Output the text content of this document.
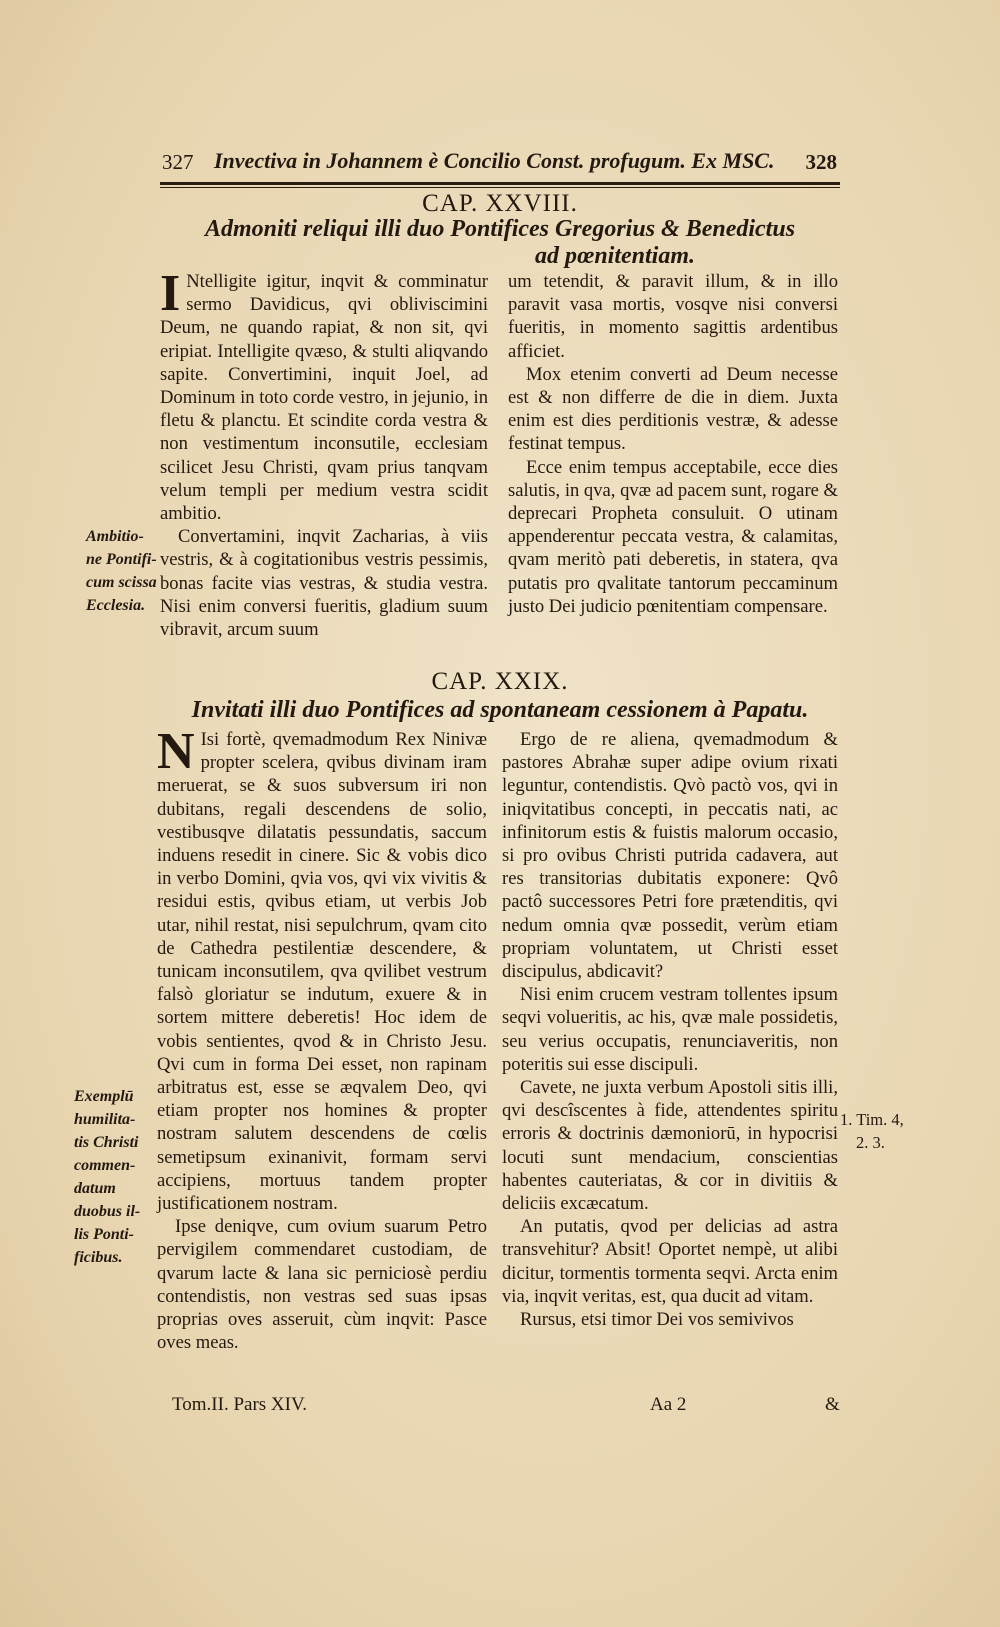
327 Invectiva in Johannem è Concilio Const. profugum. Ex MSC. 328
CAP. XXVIII.
Admoniti reliqui illi duo Pontifices Gregorius & Benedictus
ad pœnitentiam.

I Ntelligite igitur, inqvit & comminatur sermo Davidicus, qvi obliviscimini Deum, ne quando rapiat, & non sit, qvi eripiat. Intelligite qvæso, & stulti aliqvando sapite. Convertimini, inquit Joel, ad Dominum in toto corde vestro, in jejunio, in fletu & planctu. Et scindite corda vestra & non vestimentum inconsutile, ecclesiam scilicet Jesu Christi, qvam prius tanqvam velum templi per medium vestra scidit ambitio.

Convertamini, inqvit Zacharias, à viis vestris, & à cogitationibus vestris pessimis, bonas facite vias vestras, & studia vestra. Nisi enim conversi fueritis, gladium suum vibravit, arcum suum

um tetendit, & paravit illum, & in illo paravit vasa mortis, vosqve nisi conversi fueritis, in momento sagittis ardentibus afficiet.

Mox etenim converti ad Deum necesse est & non differre de die in diem. Juxta enim est dies perditionis vestræ, & adesse festinat tempus.

Ecce enim tempus acceptabile, ecce dies salutis, in qva, qvæ ad pacem sunt, rogare & deprecari Propheta consuluit. O utinam appenderentur peccata vestra, & calamitas, qvam meritò pati deberetis, in statera, qva putatis pro qvalitate tantorum peccaminum justo Dei judicio pœnitentiam compensare.

Ambitio-
ne Pontifi-
cum scissa
Ecclesia.
CAP. XXIX.
Invitati illi duo Pontifices ad spontaneam cessionem à Papatu.

N Isi fortè, qvemadmodum Rex Ninivæ propter scelera, qvibus divinam iram meruerat, se & suos subversum iri non dubitans, regali descendens de solio, vestibusqve dilatatis pessundatis, saccum induens resedit in cinere. Sic & vobis dico in verbo Domini, qvia vos, qvi vix vivitis & residui estis, qvibus etiam, ut verbis Job utar, nihil restat, nisi sepulchrum, qvam cito de Cathedra pestilentiæ descendere, & tunicam inconsutilem, qva qvilibet vestrum falsò gloriatur se indutum, exuere & in sortem mittere deberetis! Hoc idem de vobis sentientes, qvod & in Christo Jesu. Qvi cum in forma Dei esset, non rapinam arbitratus est, esse se æqvalem Deo, qvi etiam propter nos homines & propter nostram salutem descendens de cœlis semetipsum exinanivit, formam servi accipiens, mortuus tandem propter justificationem nostram.

Ipse deniqve, cum ovium suarum Petro pervigilem commendaret custodiam, de qvarum lacte & lana sic perniciosè perdiu contendistis, non vestras sed suas ipsas proprias oves asseruit, cùm inqvit: Pasce oves meas.

Ergo de re aliena, qvemadmodum & pastores Abrahæ super adipe ovium rixati leguntur, contendistis. Qvò pactò vos, qvi in iniqvitatibus concepti, in peccatis nati, ac infinitorum estis & fuistis malorum occasio, si pro ovibus Christi putrida cadavera, aut res transitorias dubitatis exponere: Qvô pactô successores Petri fore prætenditis, qvi nedum omnia qvæ possedit, verùm etiam propriam voluntatem, ut Christi esset discipulus, abdicavit?

Nisi enim crucem vestram tollentes ipsum seqvi volueritis, ac his, qvæ male possidetis, seu verius occupatis, renunciaveritis, non poteritis sui esse discipuli.

Cavete, ne juxta verbum Apostoli sitis illi, qvi descîscentes à fide, attendentes spiritu erroris & doctrinis dæmoniorū, in hypocrisi locuti sunt mendacium, conscientias habentes cauteriatas, & cor in divitiis & deliciis excæcatum.

An putatis, qvod per delicias ad astra transvehitur? Absit! Oportet nempè, ut alibi dicitur, tormentis tormenta seqvi. Arcta enim via, inqvit veritas, est, qua ducit ad vitam.

Rursus, etsi timor Dei vos semivivos

Exemplū
humilita-
tis Christi
commen-
datum
duobus il-
lis Ponti-
ficibus.
1. Tim. 4,
2. 3.
Tom.II. Pars XIV.	Aa 2	&
